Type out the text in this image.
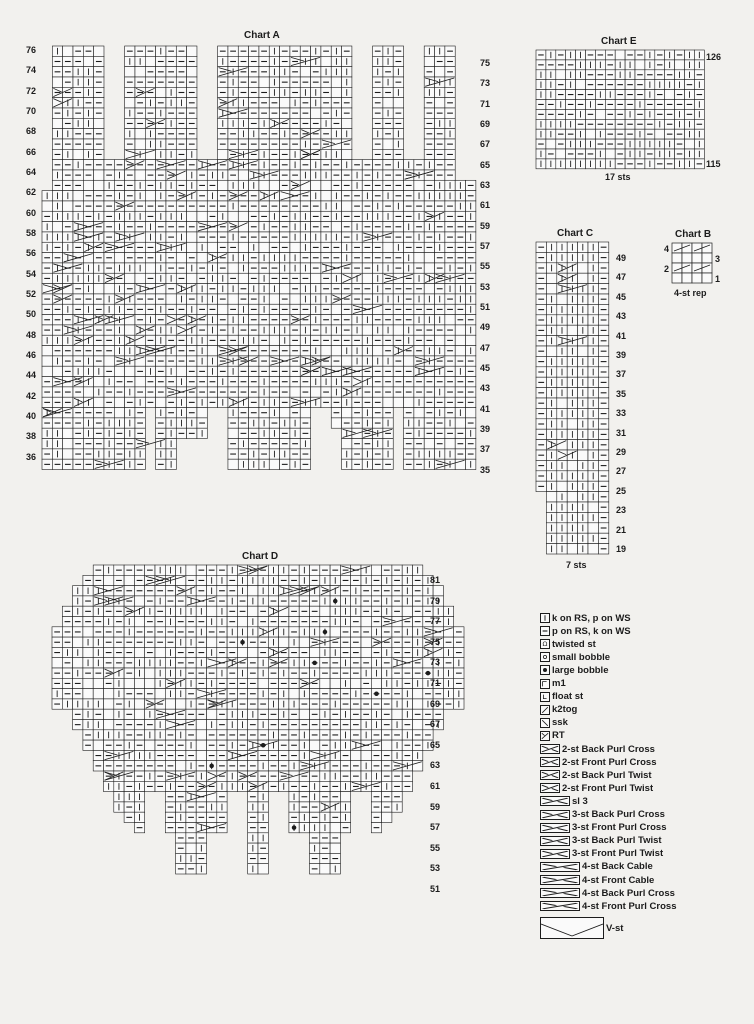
Chart A
76
74
72
70
68
66
64
62
60
58
56
54
52
50
48
46
44
42
40
38
36
75
73
71
69
67
65
63
61
59
57
55
53
51
49
47
45
43
41
39
37
35
Chart E
126
115
17 sts
Chart B
4
2
3
1
4-st rep
Chart C
49
47
45
43
41
39
37
35
33
31
29
27
25
23
21
19
7 sts
Chart D
81
79
77
75
73
71
69
67
65
63
61
59
57
55
53
51
k on RS, p on WS
p on RS, k on WS
Ω twisted st
small bobble
large bobble
m1
float st
k2tog
ssk
RT
2-st Back Purl Cross
2-st Front Purl Cross
2-st Back Purl Twist
2-st Front Purl Twist
sl 3
3-st Back Purl Cross
3-st Front Purl Cross
3-st Back Purl Twist
3-st Front Purl Twist
4-st Back Cable
4-st Front Cable
4-st Back Purl Cross
4-st Front Purl Cross
V-st
